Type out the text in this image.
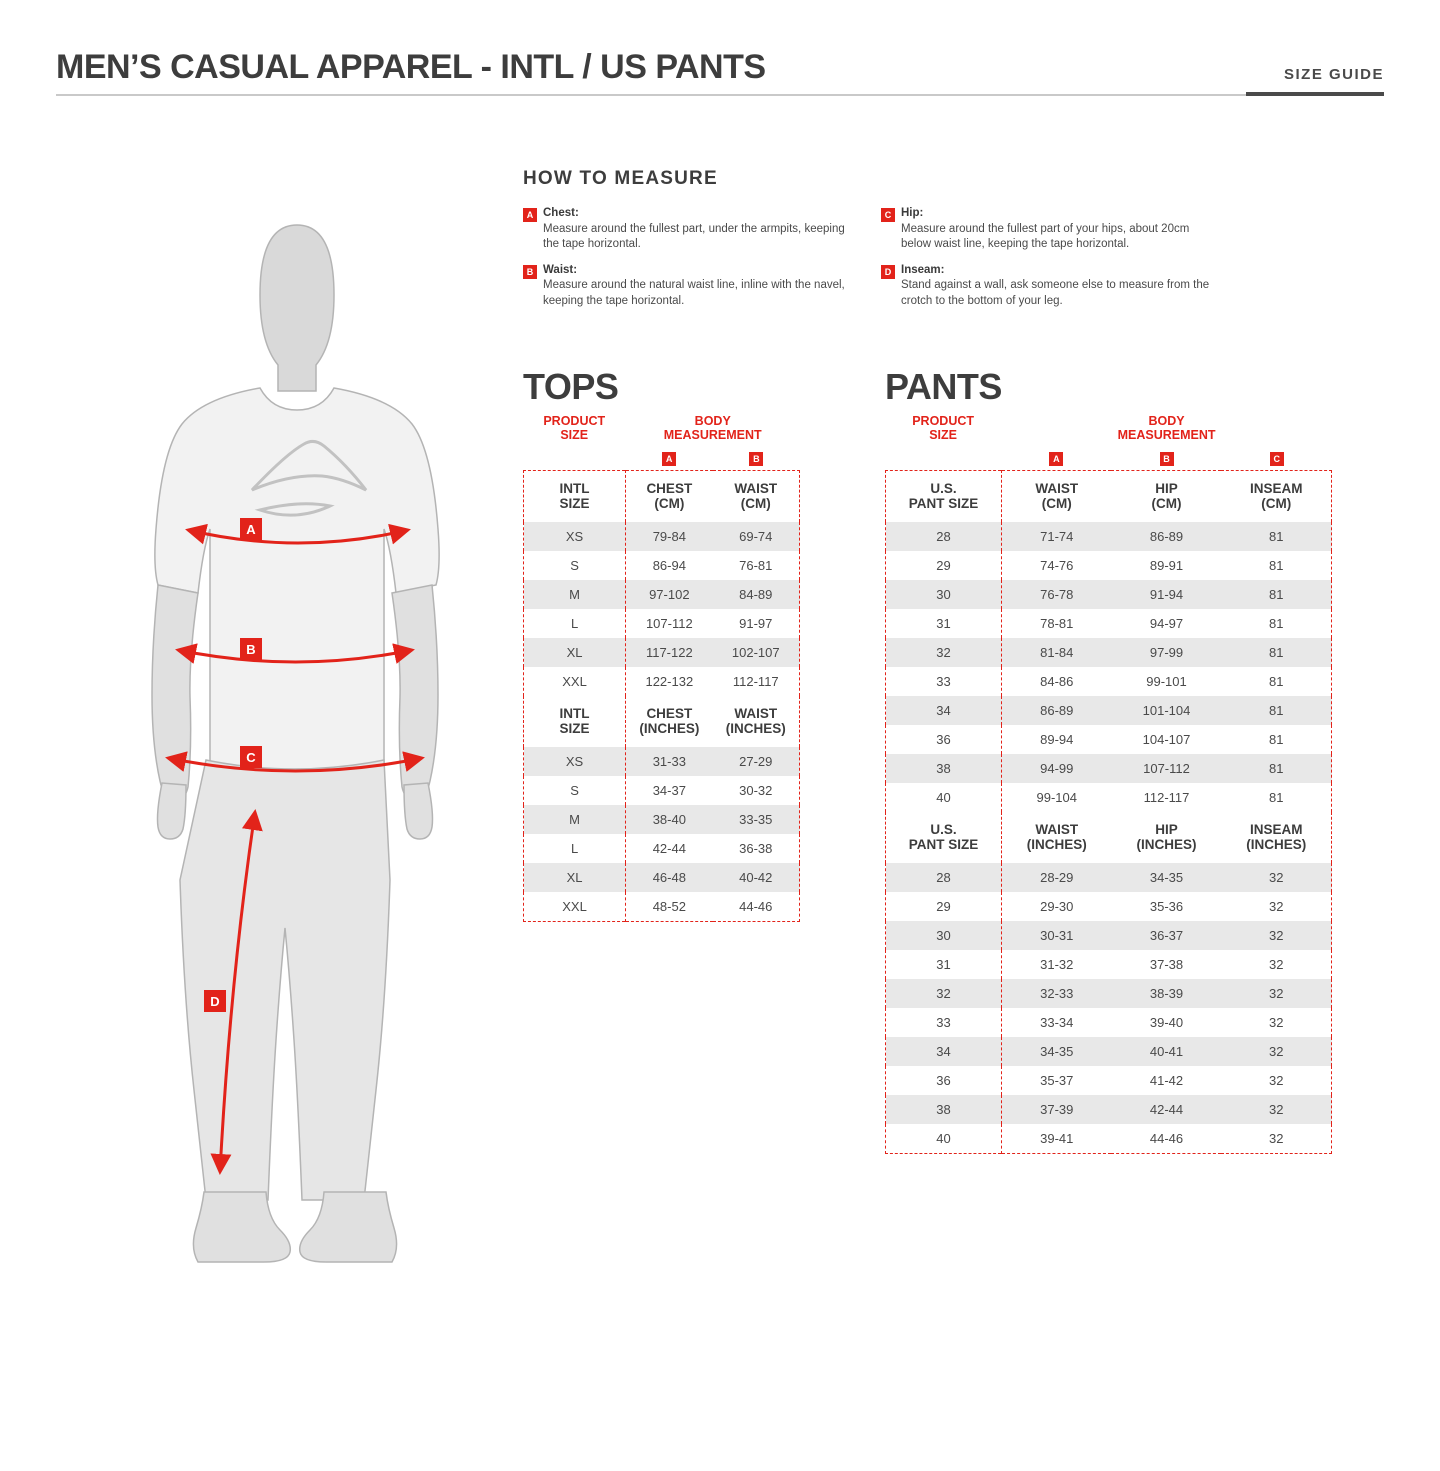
MEN’S CASUAL APPAREL - INTL / US PANTS	SIZE GUIDE
A
B
C
D
HOW TO MEASURE
A Chest:
Measure around the fullest part, under the armpits, keeping the tape horizontal.
B Waist:
Measure around the natural waist line, inline with the navel, keeping the tape horizontal.
C Hip:
Measure around the fullest part of your hips, about 20cm below waist line, keeping the tape horizontal.
D Inseam:
Stand against a wall, ask someone else to measure from the crotch to the bottom of your leg.
TOPS
PRODUCT
SIZE
BODY
MEASUREMENT
A	B
INTL
SIZE

CHEST
(CM)

WAIST
(CM)

XS	79-84	69-74
S	86-94	76-81
M	97-102	84-89
L	107-112	91-97
XL	117-122	102-107
XXL	122-132	112-117

INTL
SIZE

CHEST
(INCHES)

WAIST
(INCHES)

XS	31-33	27-29
S	34-37	30-32
M	38-40	33-35
L	42-44	36-38
XL	46-48	40-42
XXL	48-52	44-46
PANTS
PRODUCT
SIZE
BODY
MEASUREMENT
A	B	C
U.S.
PANT SIZE

WAIST
(CM)

HIP
(CM)

INSEAM
(CM)

28	71-74	86-89	81
29	74-76	89-91	81
30	76-78	91-94	81
31	78-81	94-97	81
32	81-84	97-99	81
33	84-86	99-101	81
34	86-89	101-104	81
36	89-94	104-107	81
38	94-99	107-112	81
40	99-104	112-117	81

U.S.
PANT SIZE

WAIST
(INCHES)

HIP
(INCHES)

INSEAM
(INCHES)

28	28-29	34-35	32
29	29-30	35-36	32
30	30-31	36-37	32
31	31-32	37-38	32
32	32-33	38-39	32
33	33-34	39-40	32
34	34-35	40-41	32
36	35-37	41-42	32
38	37-39	42-44	32
40	39-41	44-46	32
